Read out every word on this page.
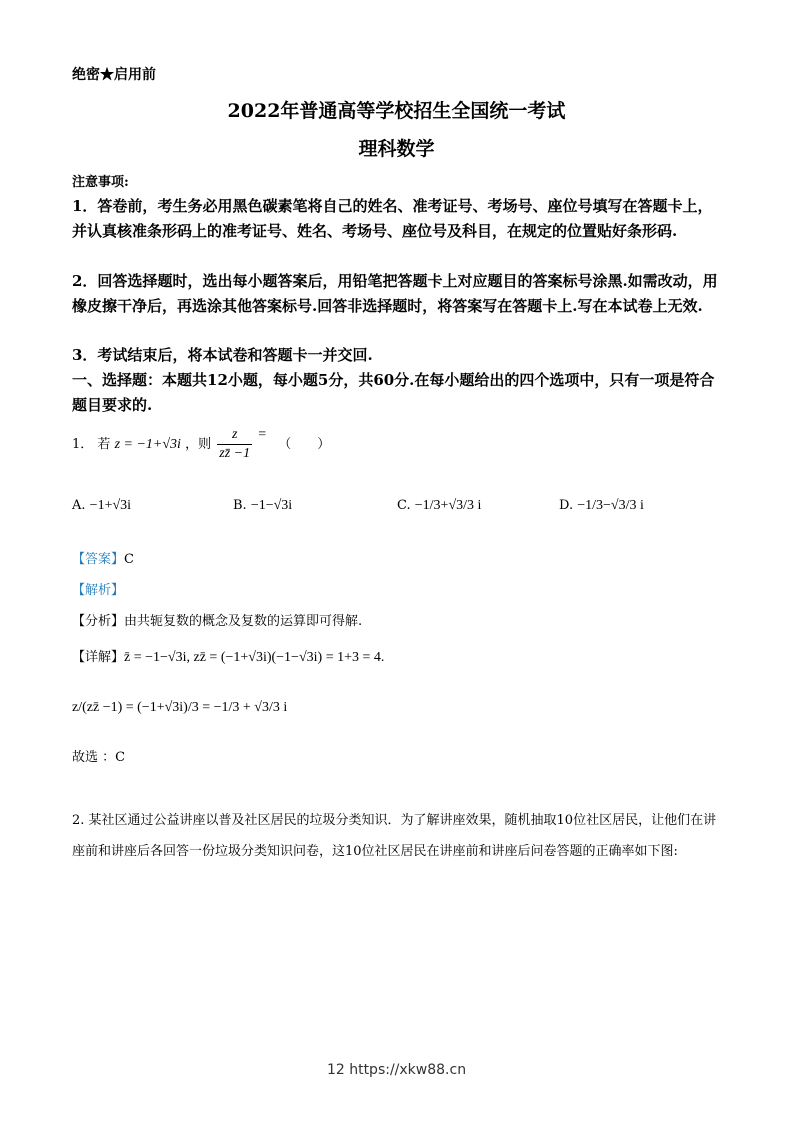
绝密★启用前
2022年普通高等学校招生全国统一考试
理科数学
注意事项:
1．答卷前，考生务必用黑色碳素笔将自己的姓名、准考证号、考场号、座位号填写在答题卡上，并认真核准条形码上的准考证号、姓名、考场号、座位号及科目，在规定的位置贴好条形码.
2．回答选择题时，选出每小题答案后，用铅笔把答题卡上对应题目的答案标号涂黑.如需改动，用橡皮擦干净后，再选涂其他答案标号.回答非选择题时，将答案写在答题卡上.写在本试卷上无效.
3．考试结束后，将本试卷和答题卡一并交回.
一、选择题：本题共12小题，每小题5分，共60分.在每小题给出的四个选项中，只有一项是符合题目要求的.
1． 若 z = −1+√3i ，则 $\frac{z}{zz̄ -1}$ = （　　）
A. −1+√3i	B. −1−√3i	C. −1/3+√3/3 i	D. −1/3−√3/3 i
【答案】C
【解析】
【分析】由共轭复数的概念及复数的运算即可得解.
【详解】z̄ = −1−√3i, zz̄ = (−1+√3i)(−1−√3i) = 1+3 = 4.
z/(zz̄ −1) = (−1+√3i)/3 = −1/3 + √3/3 i
故选 ：C
2. 某社区通过公益讲座以普及社区居民的垃圾分类知识．为了解讲座效果，随机抽取10位社区居民，让他们在讲座前和讲座后各回答一份垃圾分类知识问卷，这10位社区居民在讲座前和讲座后问卷答题的正确率如下图:
12 https://xkw88.cn
